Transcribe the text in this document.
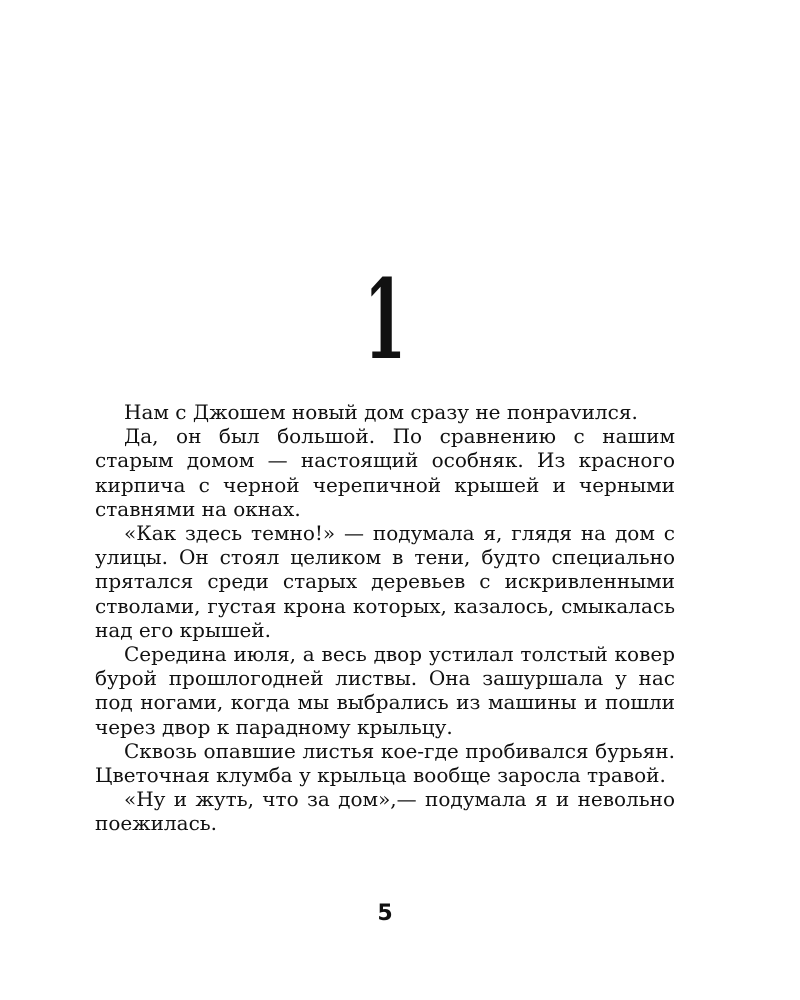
1

Нам с Джошем новый дом сразу не понраvился.

Да, он был большой. По сравнению с нашим старым домом — настоящий особняк. Из красного кирпича с черной черепичной крышей и черными ставнями на окнах.

«Как здесь темно!» — подумала я, глядя на дом с улицы. Он стоял целиком в тени, будто специально прятался среди старых деревьев с искривленными стволами, густая крона которых, казалось, смыкалась над его крышей.

Середина июля, а весь двор устилал толстый ковер бурой прошлогодней листвы. Она зашуршала у нас под ногами, когда мы выбрались из машины и пошли через двор к парадному крыльцу.

Сквозь опавшие листья кое-где пробивался бурьян. Цветочная клумба у крыльца вообще заросла травой.

«Ну и жуть, что за дом»,— подумала я и невольно поежилась.

5
